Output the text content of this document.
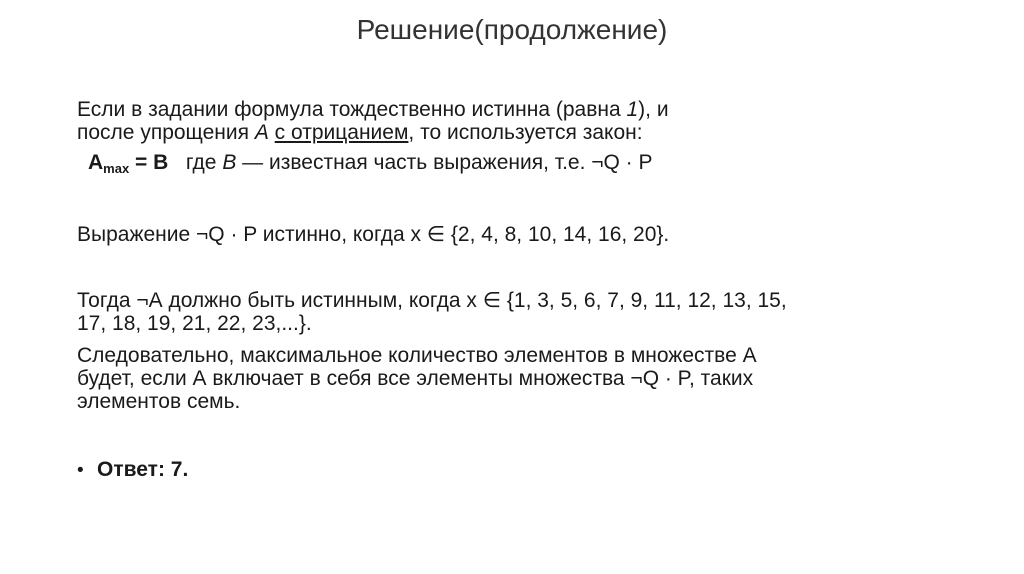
Решение(продолжение)
Если в задании формула тождественно истинна (равна 1), и
после упрощения А с отрицанием, то используется закон:
$A_{max} = B$   где В — известная часть выражения, т.е. ¬Q · P
Выражение ¬Q · P истинно, когда x ∈ {2, 4, 8, 10, 14, 16, 20}.
Тогда ¬А должно быть истинным, когда x ∈ {1, 3, 5, 6, 7, 9, 11, 12, 13, 15,
17, 18, 19, 21, 22, 23,...}.
Следовательно, максимальное количество элементов в множестве А
будет, если А включает в себя все элементы множества ¬Q · P, таких
элементов семь.
• Ответ: 7.
